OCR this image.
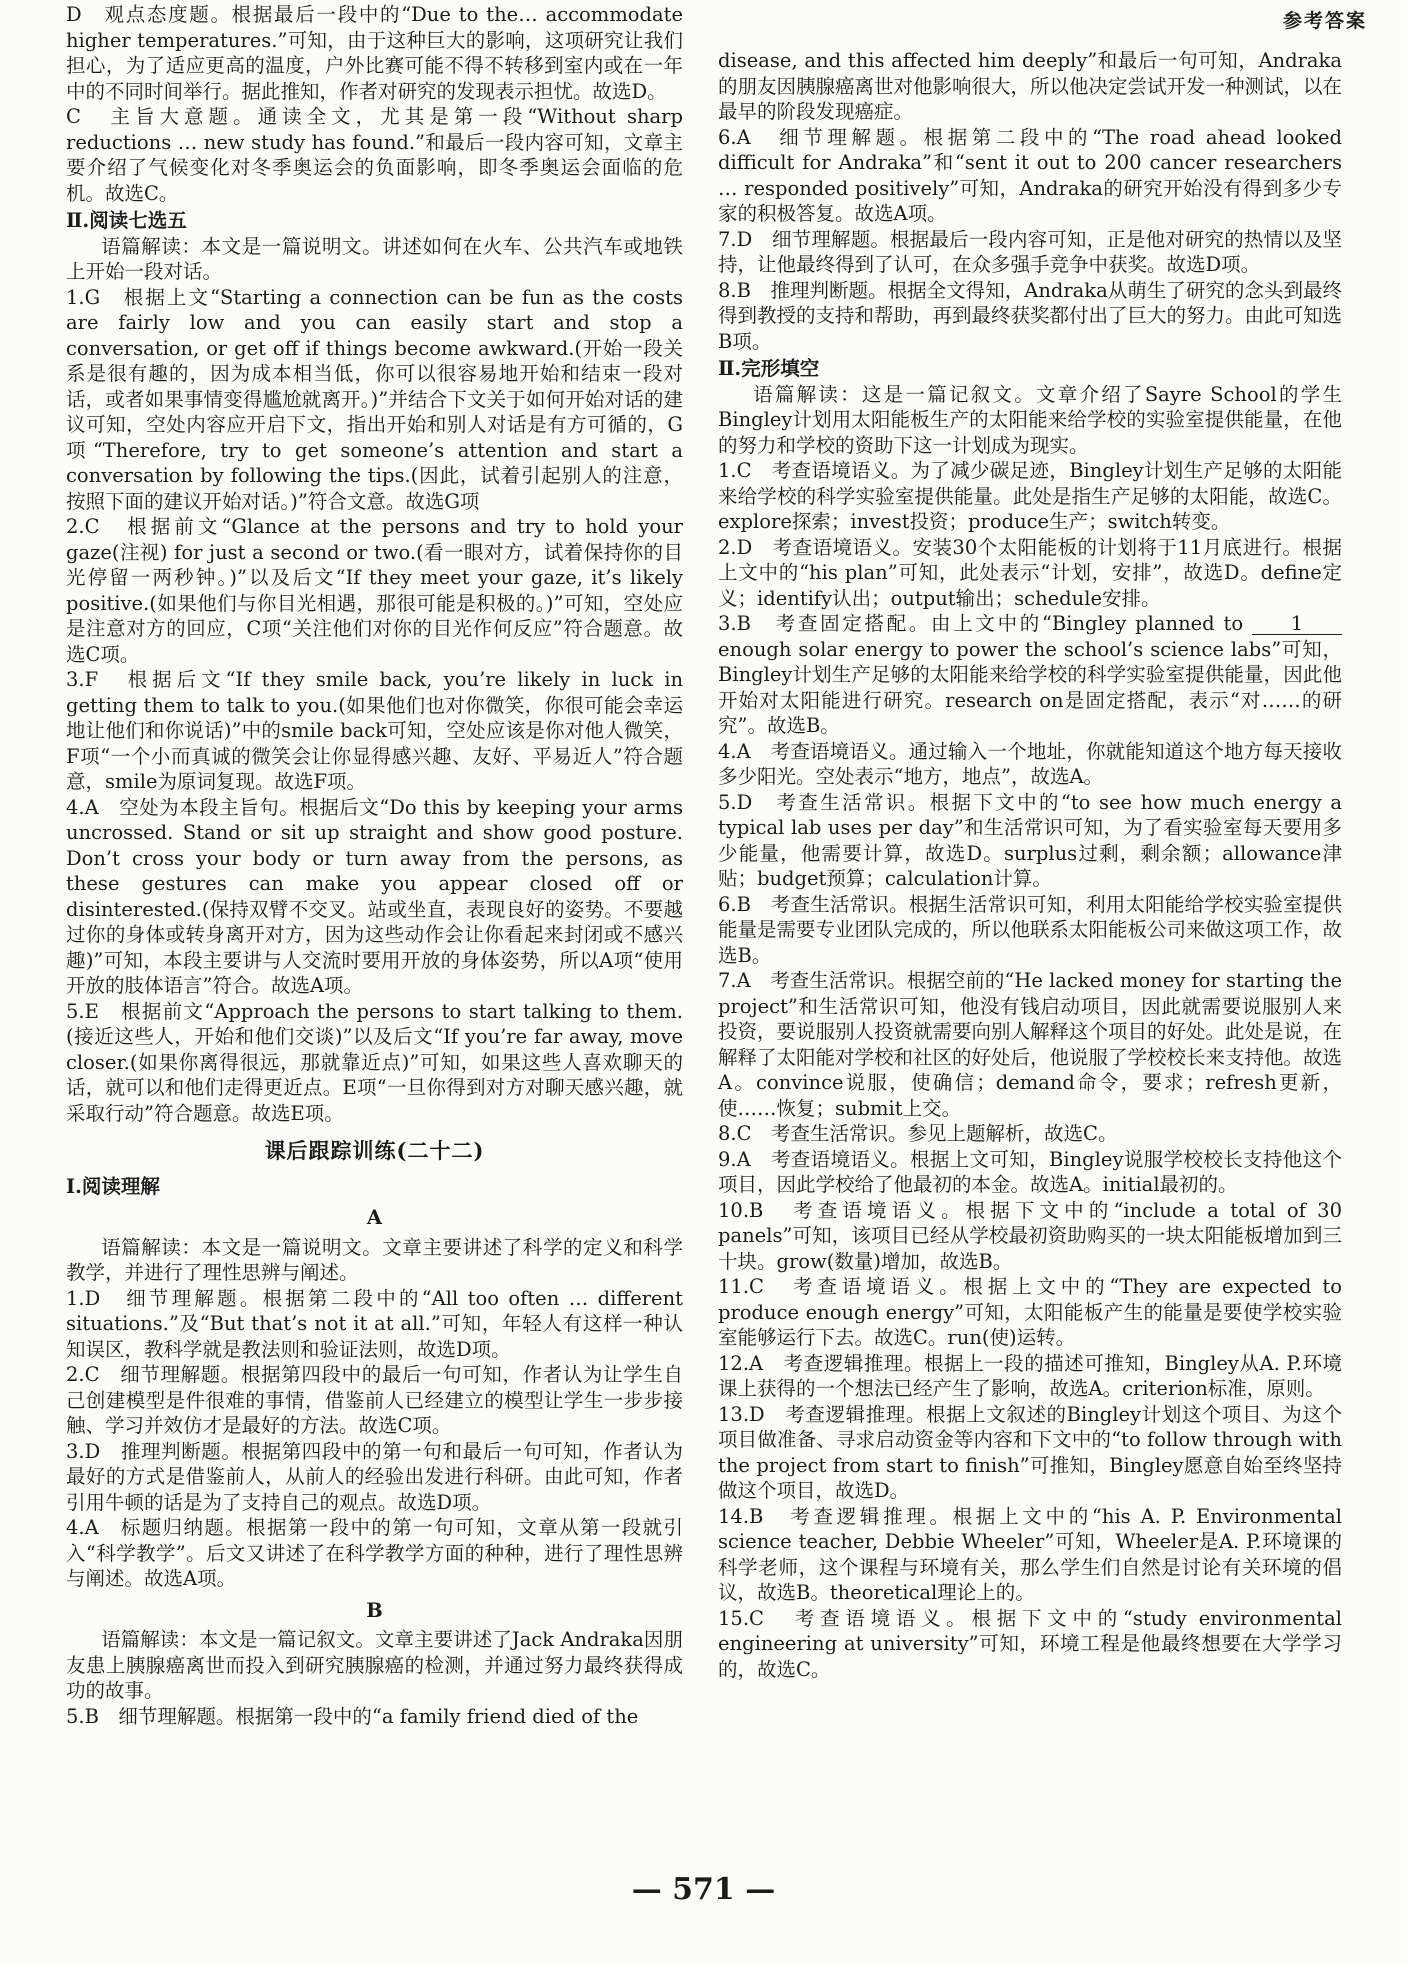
参考答案

D　观点态度题。根据最后一段中的“Due to the… accommodate higher temperatures.”可知，由于这种巨大的影响，这项研究让我们担心，为了适应更高的温度，户外比赛可能不得不转移到室内或在一年中的不同时间举行。据此推知，作者对研究的发现表示担忧。故选D。

C　主旨大意题。通读全文，尤其是第一段“Without sharp reductions … new study has found.”和最后一段内容可知，文章主要介绍了气候变化对冬季奥运会的负面影响，即冬季奥运会面临的危机。故选C。

Ⅱ.阅读七选五

语篇解读：本文是一篇说明文。讲述如何在火车、公共汽车或地铁上开始一段对话。

1.G　根据上文“Starting a connection can be fun as the costs are fairly low and you can easily start and stop a conversation, or get off if things become awkward.(开始一段关系是很有趣的，因为成本相当低，你可以很容易地开始和结束一段对话，或者如果事情变得尴尬就离开。)”并结合下文关于如何开始对话的建议可知，空处内容应开启下文，指出开始和别人对话是有方可循的，G项“Therefore, try to get someone’s attention and start a conversation by following the tips.(因此，试着引起别人的注意，按照下面的建议开始对话。)”符合文意。故选G项

2.C　根据前文“Glance at the persons and try to hold your gaze(注视) for just a second or two.(看一眼对方，试着保持你的目光停留一两秒钟。)”以及后文“If they meet your gaze, it’s likely positive.(如果他们与你目光相遇，那很可能是积极的。)”可知，空处应是注意对方的回应，C项“关注他们对你的目光作何反应”符合题意。故选C项。

3.F　根据后文“If they smile back, you’re likely in luck in getting them to talk to you.(如果他们也对你微笑，你很可能会幸运地让他们和你说话)”中的smile back可知，空处应该是你对他人微笑，F项“一个小而真诚的微笑会让你显得感兴趣、友好、平易近人”符合题意，smile为原词复现。故选F项。

4.A　空处为本段主旨句。根据后文“Do this by keeping your arms uncrossed. Stand or sit up straight and show good posture. Don’t cross your body or turn away from the persons, as these gestures can make you appear closed off or disinterested.(保持双臂不交叉。站或坐直，表现良好的姿势。不要越过你的身体或转身离开对方，因为这些动作会让你看起来封闭或不感兴趣)”可知，本段主要讲与人交流时要用开放的身体姿势，所以A项“使用开放的肢体语言”符合。故选A项。

5.E　根据前文“Approach the persons to start talking to them.(接近这些人，开始和他们交谈)”以及后文“If you’re far away, move closer.(如果你离得很远，那就靠近点)”可知，如果这些人喜欢聊天的话，就可以和他们走得更近点。E项“一旦你得到对方对聊天感兴趣，就采取行动”符合题意。故选E项。

课后跟踪训练(二十二)

Ⅰ.阅读理解

A

语篇解读：本文是一篇说明文。文章主要讲述了科学的定义和科学教学，并进行了理性思辨与阐述。

1.D　细节理解题。根据第二段中的“All too often … different situations.”及“But that’s not it at all.”可知，年轻人有这样一种认知误区，教科学就是教法则和验证法则，故选D项。

2.C　细节理解题。根据第四段中的最后一句可知，作者认为让学生自己创建模型是件很难的事情，借鉴前人已经建立的模型让学生一步步接触、学习并效仿才是最好的方法。故选C项。

3.D　推理判断题。根据第四段中的第一句和最后一句可知，作者认为最好的方式是借鉴前人，从前人的经验出发进行科研。由此可知，作者引用牛顿的话是为了支持自己的观点。故选D项。

4.A　标题归纳题。根据第一段中的第一句可知，文章从第一段就引入“科学教学”。后文又讲述了在科学教学方面的种种，进行了理性思辨与阐述。故选A项。

B

语篇解读：本文是一篇记叙文。文章主要讲述了Jack Andraka因朋友患上胰腺癌离世而投入到研究胰腺癌的检测，并通过努力最终获得成功的故事。

5.B　细节理解题。根据第一段中的“a family friend died of the

disease, and this affected him deeply”和最后一句可知，Andraka的朋友因胰腺癌离世对他影响很大，所以他决定尝试开发一种测试，以在最早的阶段发现癌症。

6.A　细节理解题。根据第二段中的“The road ahead looked difficult for Andraka”和“sent it out to 200 cancer researchers … responded positively”可知，Andraka的研究开始没有得到多少专家的积极答复。故选A项。

7.D　细节理解题。根据最后一段内容可知，正是他对研究的热情以及坚持，让他最终得到了认可，在众多强手竞争中获奖。故选D项。

8.B　推理判断题。根据全文得知，Andraka从萌生了研究的念头到最终得到教授的支持和帮助，再到最终获奖都付出了巨大的努力。由此可知选B项。

Ⅱ.完形填空

语篇解读：这是一篇记叙文。文章介绍了Sayre School的学生Bingley计划用太阳能板生产的太阳能来给学校的实验室提供能量，在他的努力和学校的资助下这一计划成为现实。

1.C　考查语境语义。为了减少碳足迹，Bingley计划生产足够的太阳能来给学校的科学实验室提供能量。此处是指生产足够的太阳能，故选C。explore探索；invest投资；produce生产；switch转变。

2.D　考查语境语义。安装30个太阳能板的计划将于11月底进行。根据上文中的“his plan”可知，此处表示“计划，安排”，故选D。define定义；identify认出；output输出；schedule安排。

3.B　考查固定搭配。由上文中的“Bingley planned to 1 enough solar energy to power the school’s science labs”可知，Bingley计划生产足够的太阳能来给学校的科学实验室提供能量，因此他开始对太阳能进行研究。research on是固定搭配，表示“对……的研究”。故选B。

4.A　考查语境语义。通过输入一个地址，你就能知道这个地方每天接收多少阳光。空处表示“地方，地点”，故选A。

5.D　考查生活常识。根据下文中的“to see how much energy a typical lab uses per day”和生活常识可知，为了看实验室每天要用多少能量，他需要计算，故选D。surplus过剩，剩余额；allowance津贴；budget预算；calculation计算。

6.B　考查生活常识。根据生活常识可知，利用太阳能给学校实验室提供能量是需要专业团队完成的，所以他联系太阳能板公司来做这项工作，故选B。

7.A　考查生活常识。根据空前的“He lacked money for starting the project”和生活常识可知，他没有钱启动项目，因此就需要说服别人来投资，要说服别人投资就需要向别人解释这个项目的好处。此处是说，在解释了太阳能对学校和社区的好处后，他说服了学校校长来支持他。故选A。convince说服，使确信；demand命令，要求；refresh更新，使……恢复；submit上交。

8.C　考查生活常识。参见上题解析，故选C。

9.A　考查语境语义。根据上文可知，Bingley说服学校校长支持他这个项目，因此学校给了他最初的本金。故选A。initial最初的。

10.B　考查语境语义。根据下文中的“include a total of 30 panels”可知，该项目已经从学校最初资助购买的一块太阳能板增加到三十块。grow(数量)增加，故选B。

11.C　考查语境语义。根据上文中的“They are expected to produce enough energy”可知，太阳能板产生的能量是要使学校实验室能够运行下去。故选C。run(使)运转。

12.A　考查逻辑推理。根据上一段的描述可推知，Bingley从A. P.环境课上获得的一个想法已经产生了影响，故选A。criterion标准，原则。

13.D　考查逻辑推理。根据上文叙述的Bingley计划这个项目、为这个项目做准备、寻求启动资金等内容和下文中的“to follow through with the project from start to finish”可推知，Bingley愿意自始至终坚持做这个项目，故选D。

14.B　考查逻辑推理。根据上文中的“his A. P. Environmental science teacher, Debbie Wheeler”可知，Wheeler是A. P.环境课的科学老师，这个课程与环境有关，那么学生们自然是讨论有关环境的倡议，故选B。theoretical理论上的。

15.C　考查语境语义。根据下文中的“study environmental engineering at university”可知，环境工程是他最终想要在大学学习的，故选C。

— 571 —
